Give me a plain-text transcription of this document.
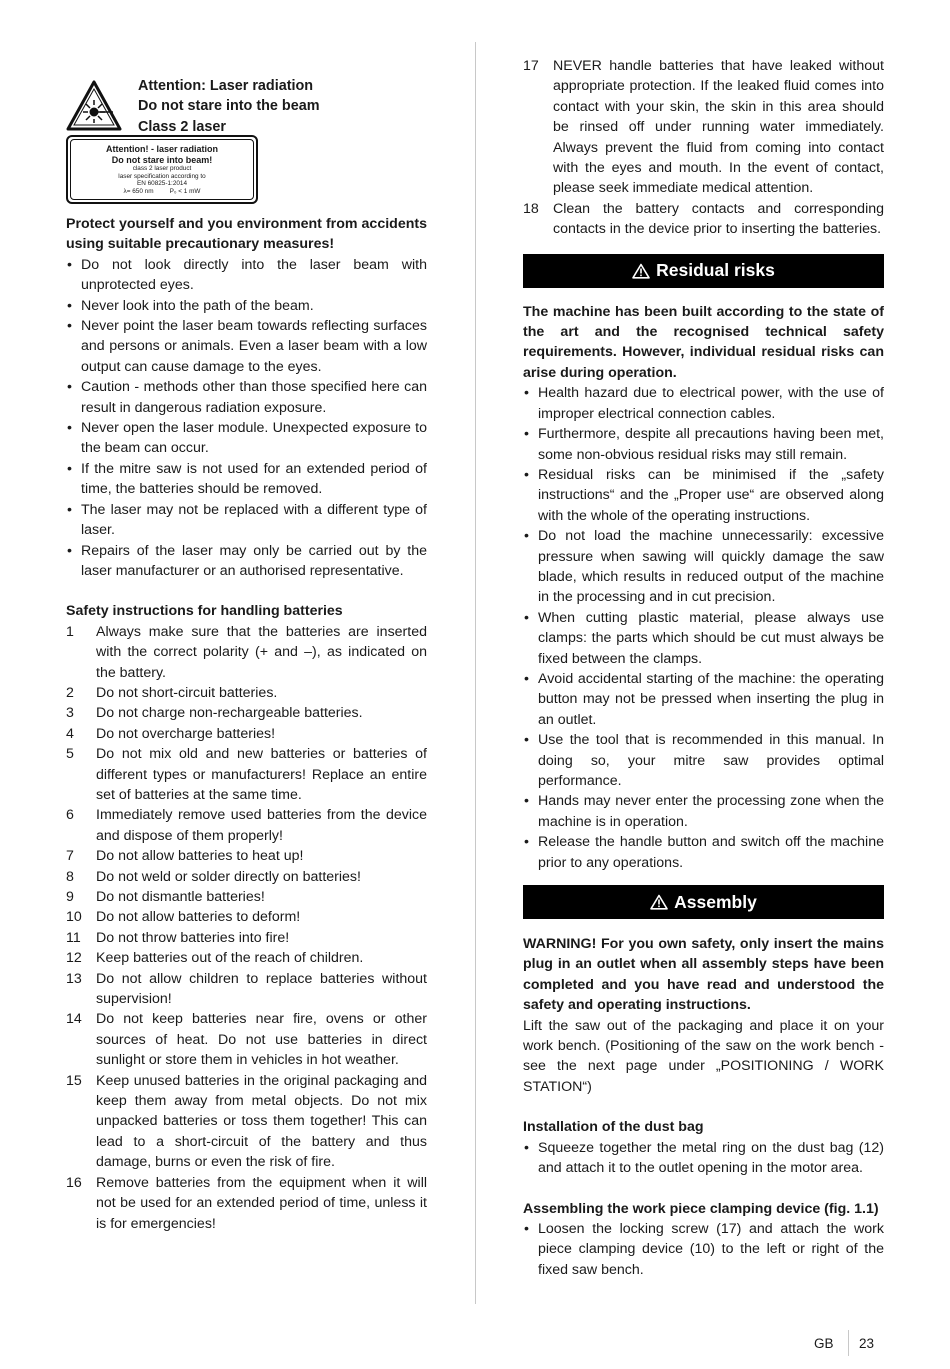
Attention: Laser radiation
Do not stare into the beam
Class 2 laser
Attention! - laser radiation
Do not stare into beam!
class 2 laser product
laser specification according to
EN 60825-1:2014
λ= 650 nm	P₀ < 1 mW

Protect yourself and you environment from accidents using suitable precautionary measures!

• Do not look directly into the laser beam with unprotected eyes.
• Never look into the path of the beam.
• Never point the laser beam towards reflecting surfaces and persons or animals. Even a laser beam with a low output can cause damage to the eyes.
• Caution - methods other than those specified here can result in dangerous radiation exposure.
• Never open the laser module. Unexpected exposure to the beam can occur.
• If the mitre saw is not used for an extended period of time, the batteries should be removed.
• The laser may not be replaced with a different type of laser.
• Repairs of the laser may only be carried out by the laser manufacturer or an authorised representative.

Safety instructions for handling batteries

1 Always make sure that the batteries are inserted with the correct polarity (+ and –), as indicated on the battery.
2 Do not short-circuit batteries.
3 Do not charge non-rechargeable batteries.
4 Do not overcharge batteries!
5 Do not mix old and new batteries or batteries of different types or manufacturers! Replace an entire set of batteries at the same time.
6 Immediately remove used batteries from the device and dispose of them properly!
7 Do not allow batteries to heat up!
8 Do not weld or solder directly on batteries!
9 Do not dismantle batteries!
10 Do not allow batteries to deform!
11 Do not throw batteries into fire!
12 Keep batteries out of the reach of children.
13 Do not allow children to replace batteries without supervision!
14 Do not keep batteries near fire, ovens or other sources of heat. Do not use batteries in direct sunlight or store them in vehicles in hot weather.
15 Keep unused batteries in the original packaging and keep them away from metal objects. Do not mix unpacked batteries or toss them together! This can lead to a short-circuit of the battery and thus damage, burns or even the risk of fire.
16 Remove batteries from the equipment when it will not be used for an extended period of time, unless it is for emergencies!
17 NEVER handle batteries that have leaked without appropriate protection. If the leaked fluid comes into contact with your skin, the skin in this area should be rinsed off under running water immediately. Always prevent the fluid from coming into contact with the eyes and mouth. In the event of contact, please seek immediate medical attention.
18 Clean the battery contacts and corresponding contacts in the device prior to inserting the batteries.
Residual risks

The machine has been built according to the state of the art and the recognised technical safety requirements. However, individual residual risks can arise during operation.

• Health hazard due to electrical power, with the use of improper electrical connection cables.
• Furthermore, despite all precautions having been met, some non-obvious residual risks may still remain.
• Residual risks can be minimised if the „safety instructions“ and the „Proper use“ are observed along with the whole of the operating instructions.
• Do not load the machine unnecessarily: excessive pressure when sawing will quickly damage the saw blade, which results in reduced output of the machine in the processing and in cut precision.
• When cutting plastic material, please always use clamps: the parts which should be cut must always be fixed between the clamps.
• Avoid accidental starting of the machine: the operating button may not be pressed when inserting the plug in an outlet.
• Use the tool that is recommended in this manual. In doing so, your mitre saw provides optimal performance.
• Hands may never enter the processing zone when the machine is in operation.
• Release the handle button and switch off the machine prior to any operations.
Assembly

WARNING! For you own safety, only insert the mains plug in an outlet when all assembly steps have been completed and you have read and understood the safety and operating instructions.

Lift the saw out of the packaging and place it on your work bench. (Positioning of the saw on the work bench - see the next page under „POSITIONING / WORK STATION“)

Installation of the dust bag

• Squeeze together the metal ring on the dust bag (12) and attach it to the outlet opening in the motor area.

Assembling the work piece clamping device (fig. 1.1)

• Loosen the locking screw (17) and attach the work piece clamping device (10) to the left or right of the fixed saw bench.
GB 23
